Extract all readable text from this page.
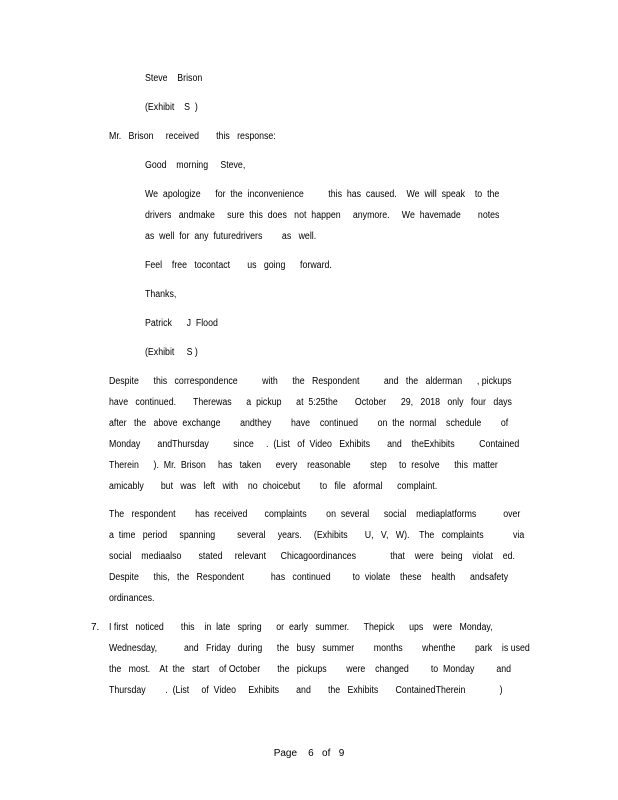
Steve    Brison
(Exhibit    S  )
Mr.   Brison     received       this   response:
Good    morning     Steve,
We  apologize      for  the  inconvenience          this  has  caused.    We  will  speak    to  the
drivers   andmake     sure  this  does   not  happen     anymore.     We  havemade       notes
as  well  for  any  futuredrivers        as   well.
Feel    free   tocontact       us   going      forward.
Thanks,
Patrick      J  Flood
(Exhibit     S )
Despite      this   correspondence          with      the   Respondent          and   the   alderman      , pickups
have   continued.       Therewas      a  pickup      at  5:25the       October      29,   2018   only   four   days
after   the   above  exchange        andthey        have    continued        on  the  normal    schedule        of
Monday       andThursday          since     .  (List   of  Video   Exhibits       and    theExhibits          Contained
Therein      ).  Mr.  Brison     has   taken      every    reasonable        step     to  resolve      this  matter
amicably       but   was   left   with    no  choicebut        to   file   aformal      complaint.
The   respondent        has  received       complaints        on  several      social    mediaplatforms           over
a  time   period     spanning         several     years.     (Exhibits       U,   V,   W).    The   complaints            via
social    mediaalso       stated     relevant      Chicagoordinances              that    were   being    violat    ed.
Despite      this,   the   Respondent           has   continued         to  violate    these    health      andsafety
ordinances.
7. I first   noticed       this    in  late   spring      or  early   summer.      Thepick      ups    were   Monday,
Wednesday,           and   Friday   during      the   busy   summer        months        whenthe        park    is used
the   most.    At  the   start    of October       the   pickups        were    changed         to  Monday         and
Thursday        .  (List     of  Video     Exhibits       and       the   Exhibits       ContainedTherein              )
Page    6   of   9
